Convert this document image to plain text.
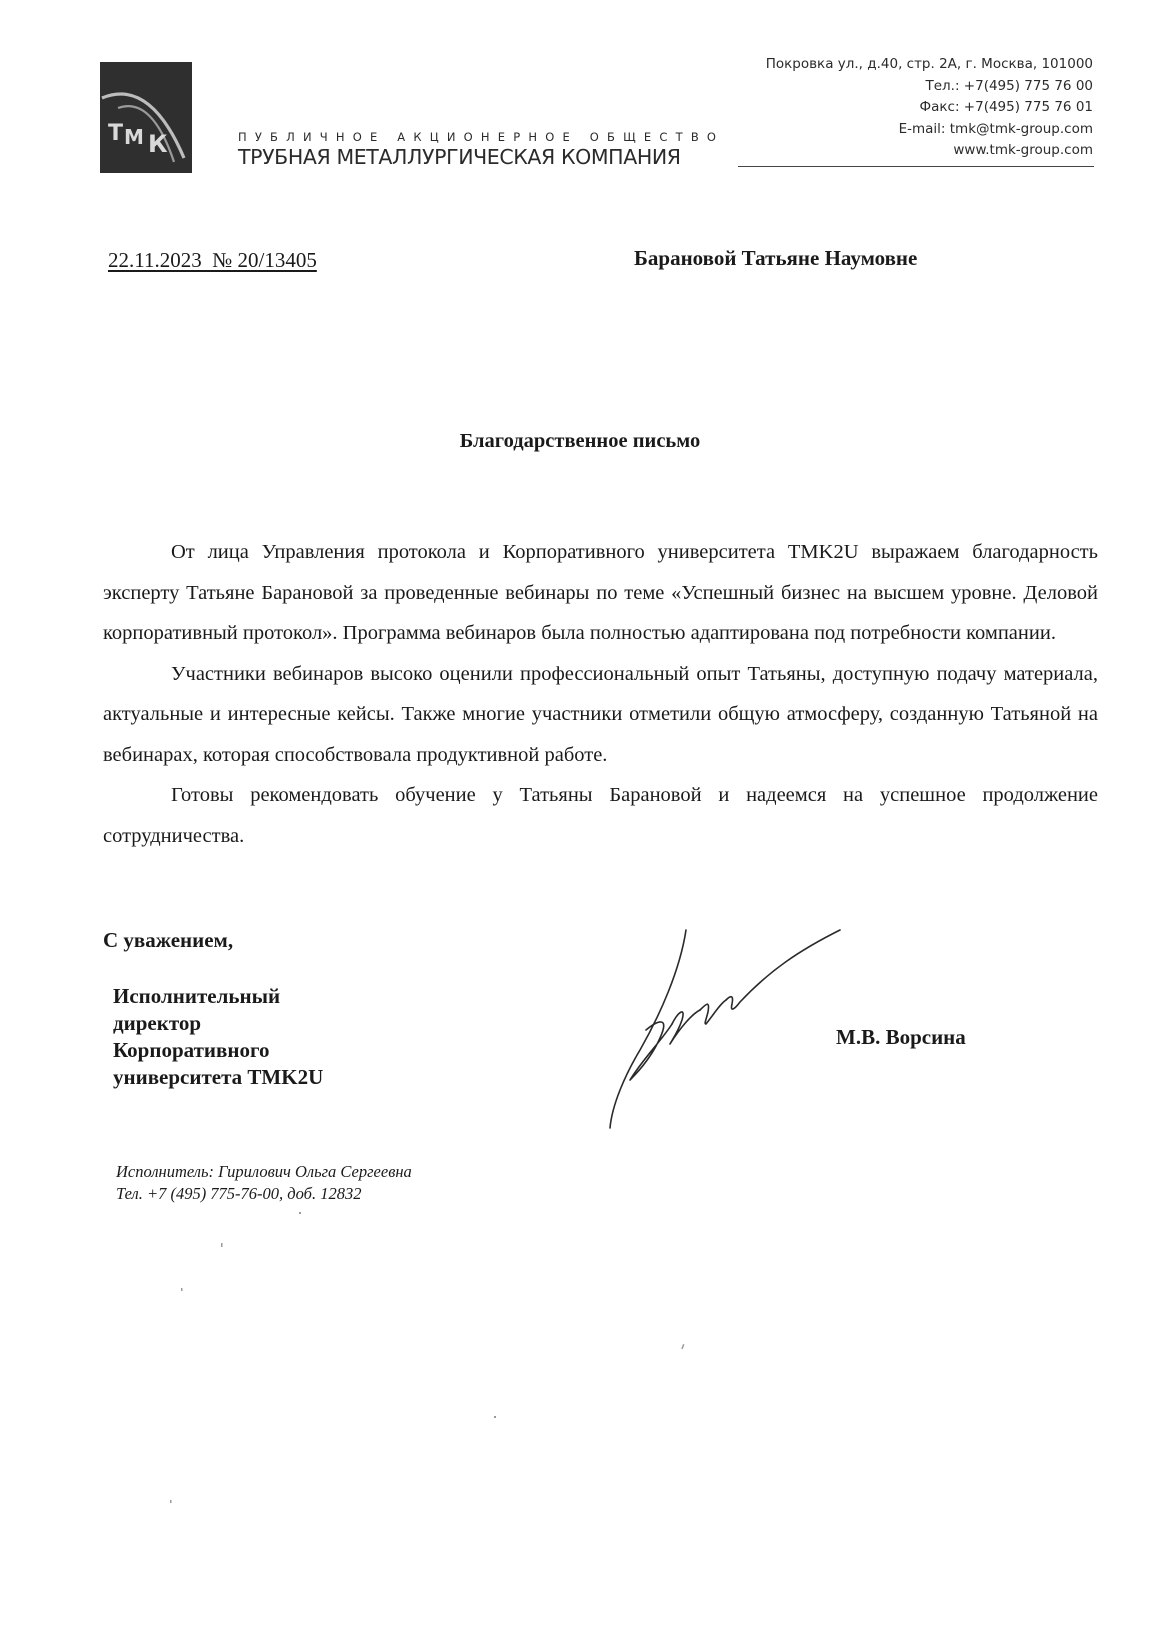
Т М К	ПУБЛИЧНОЕ АКЦИОНЕРНОЕ ОБЩЕСТВО
ТРУБНАЯ МЕТАЛЛУРГИЧЕСКАЯ КОМПАНИЯ
Покровка ул., д.40, стр. 2А, г. Москва, 101000
Тел.: +7(495) 775 76 00
Факс: +7(495) 775 76 01
E-mail: tmk@tmk-group.com
www.tmk-group.com
22.11.2023  № 20/13405	Барановой Татьяне Наумовне
Благодарственное письмо

От лица Управления протокола и Корпоративного университета TMK2U выражаем благодарность эксперту Татьяне Барановой за проведенные вебинары по теме «Успешный бизнес на высшем уровне. Деловой корпоративный протокол». Программа вебинаров была полностью адаптирована под потребности компании.

Участники вебинаров высоко оценили профессиональный опыт Татьяны, доступную подачу материала, актуальные и интересные кейсы. Также многие участники отметили общую атмосферу, созданную Татьяной на вебинарах, которая способствовала продуктивной работе.

Готовы рекомендовать обучение у Татьяны Барановой и надеемся на успешное продолжение сотрудничества.

С уважением,
Исполнительный
директор
Корпоративного
университета TMK2U
М.В. Ворсина
Исполнитель: Гирилович Ольга Сергеевна
Тел. +7 (495) 775-76-00, доб. 12832
